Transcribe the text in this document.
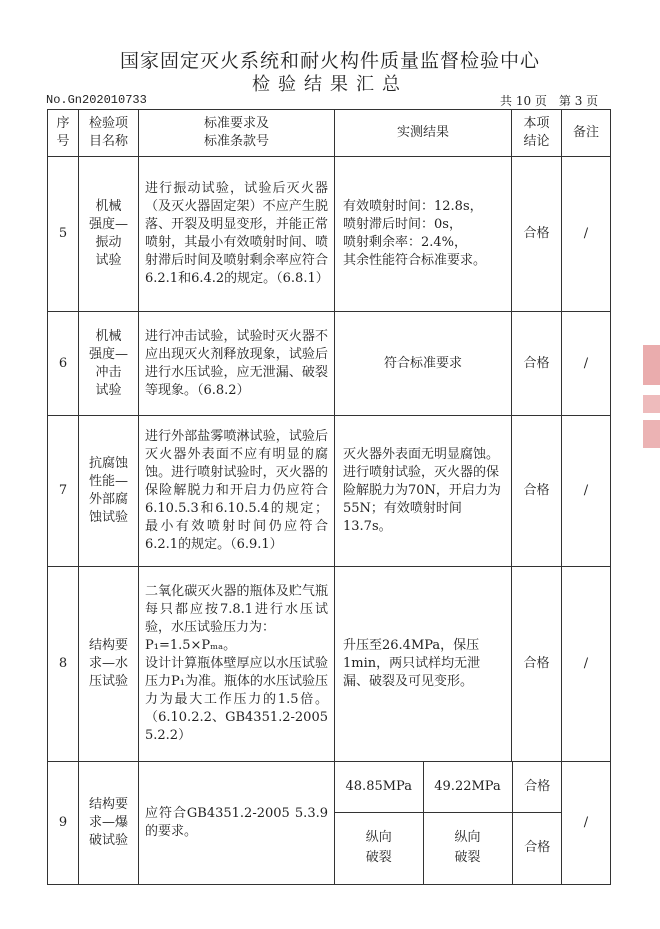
国家固定灭火系统和耐火构件质量监督检验中心
检验结果汇总
No.Gn202010733	共 10 页　第 3 页
序
号	检验项
目名称	标准要求及
标准条款号	实测结果	本项
结论	备注
5	机械
强度—
振动
试验	进行振动试验，试验后灭火器（及灭火器固定架）不应产生脱落、开裂及明显变形，并能正常喷射，其最小有效喷射时间、喷射滞后时间及喷射剩余率应符合6.2.1和6.4.2的规定。（6.8.1）	有效喷射时间：12.8s，
喷射滞后时间：0s，
喷射剩余率：2.4%，
其余性能符合标准要求。	合格	/
6	机械
强度—
冲击
试验	进行冲击试验，试验时灭火器不应出现灭火剂释放现象，试验后进行水压试验，应无泄漏、破裂等现象。（6.8.2）	符合标准要求	合格	/
7	抗腐蚀
性能—
外部腐
蚀试验	进行外部盐雾喷淋试验，试验后灭火器外表面不应有明显的腐蚀。进行喷射试验时，灭火器的保险解脱力和开启力仍应符合6.10.5.3和6.10.5.4的规定；最小有效喷射时间仍应符合6.2.1的规定。（6.9.1）	灭火器外表面无明显腐蚀。进行喷射试验，灭火器的保险解脱力为70N，开启力为55N；有效喷射时间13.7s。	合格	/
8	结构要
求—水
压试验	
二氧化碳灭火器的瓶体及贮气瓶每只都应按7.8.1进行水压试验，水压试验压力为：
P₁=1.5×Pₘₐ。
设计计算瓶体壁厚应以水压试验压力P₁为准。瓶体的水压试验压力为最大工作压力的1.5倍。（6.10.2.2、GB4351.2-2005 5.2.2）
	升压至26.4MPa，保压1min，两只试样均无泄漏、破裂及可见变形。	合格	/
9	结构要
求—爆
破试验	应符合GB4351.2-2005 5.3.9的要求。	
48.85MPa	49.22MPa	合格
纵向
破裂	纵向
破裂	合格
	/
